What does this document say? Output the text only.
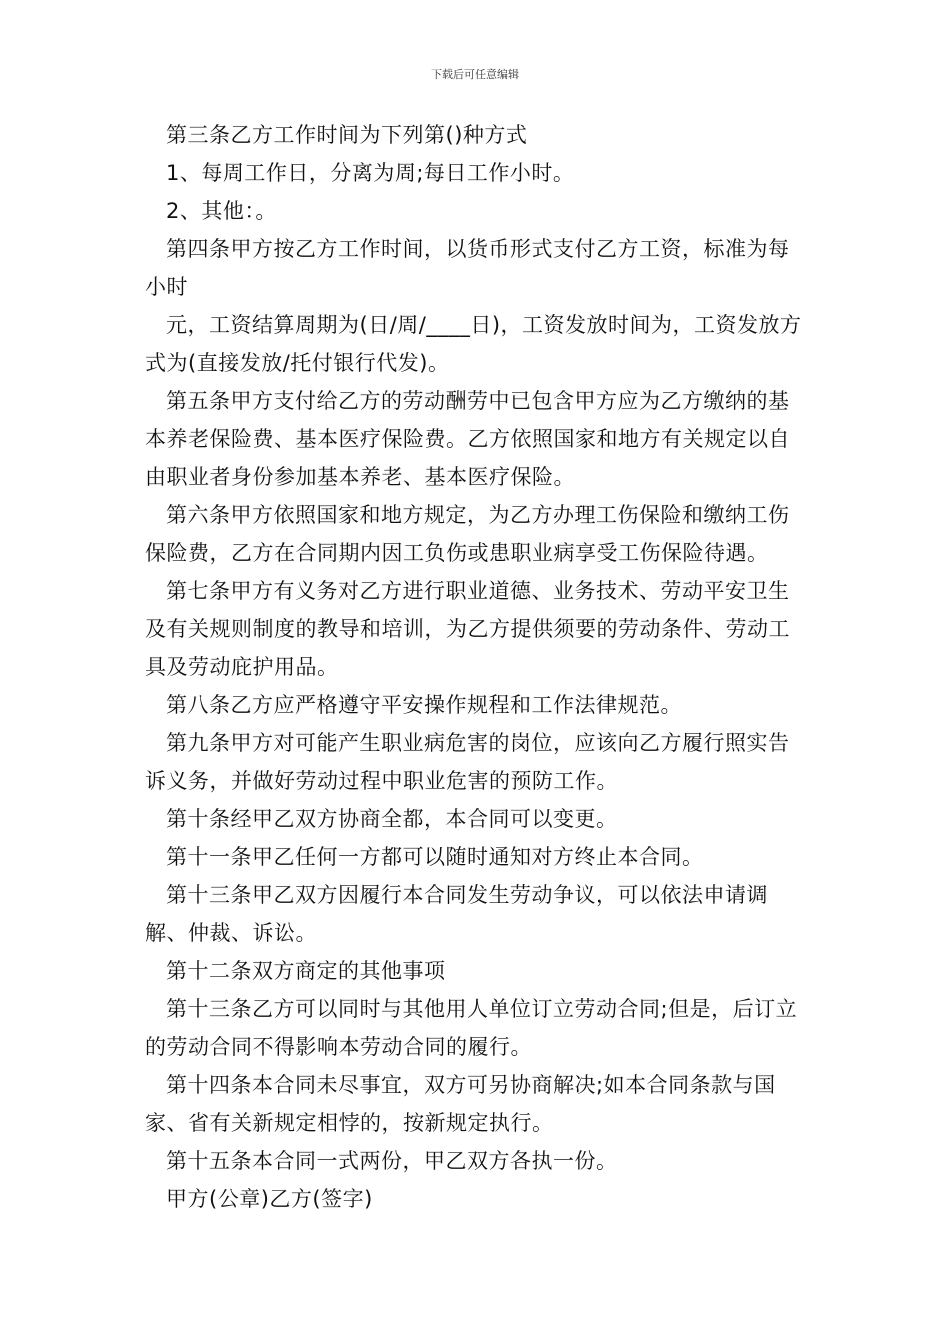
下载后可任意编辑

第三条乙方工作时间为下列第()种方式

1、每周工作日，分离为周;每日工作小时。

2、其他：。

第四条甲方按乙方工作时间，以货币形式支付乙方工资，标准为每小时

元，工资结算周期为(日/周/____日)，工资发放时间为，工资发放方式为(直接发放/托付银行代发)。

第五条甲方支付给乙方的劳动酬劳中已包含甲方应为乙方缴纳的基本养老保险费、基本医疗保险费。乙方依照国家和地方有关规定以自由职业者身份参加基本养老、基本医疗保险。

第六条甲方依照国家和地方规定，为乙方办理工伤保险和缴纳工伤保险费，乙方在合同期内因工负伤或患职业病享受工伤保险待遇。

第七条甲方有义务对乙方进行职业道德、业务技术、劳动平安卫生及有关规则制度的教导和培训，为乙方提供须要的劳动条件、劳动工具及劳动庇护用品。

第八条乙方应严格遵守平安操作规程和工作法律规范。

第九条甲方对可能产生职业病危害的岗位，应该向乙方履行照实告诉义务，并做好劳动过程中职业危害的预防工作。

第十条经甲乙双方协商全都，本合同可以变更。

第十一条甲乙任何一方都可以随时通知对方终止本合同。

第十三条甲乙双方因履行本合同发生劳动争议，可以依法申请调解、仲裁、诉讼。

第十二条双方商定的其他事项

第十三条乙方可以同时与其他用人单位订立劳动合同;但是，后订立的劳动合同不得影响本劳动合同的履行。

第十四条本合同未尽事宜，双方可另协商解决;如本合同条款与国家、省有关新规定相悖的，按新规定执行。

第十五条本合同一式两份，甲乙双方各执一份。

甲方(公章)乙方(签字)
